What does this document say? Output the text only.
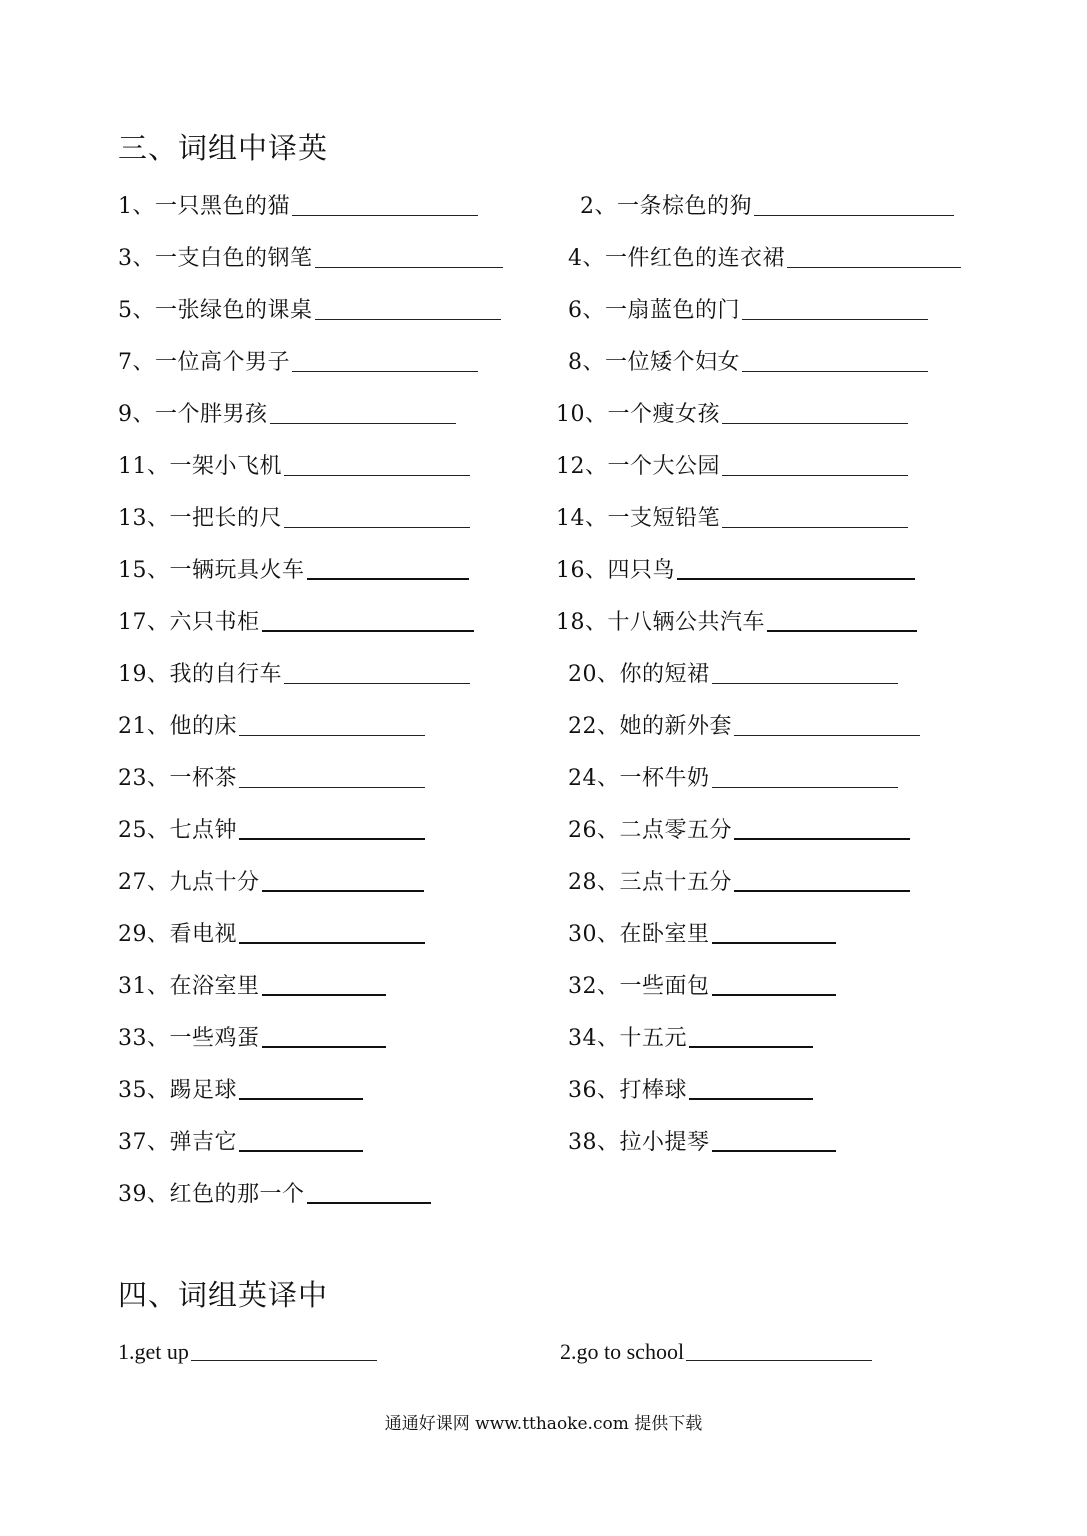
三、词组中译英
1、一只黑色的猫	2、一条棕色的狗
3、一支白色的钢笔	4、一件红色的连衣裙
5、一张绿色的课桌	6、一扇蓝色的门
7、一位高个男子	8、一位矮个妇女
9、一个胖男孩	10、一个瘦女孩
11、一架小飞机	12、一个大公园
13、一把长的尺	14、一支短铅笔
15、一辆玩具火车	16、四只鸟
17、六只书柜	18、十八辆公共汽车
19、我的自行车	20、你的短裙
21、他的床	22、她的新外套
23、一杯茶	24、一杯牛奶
25、七点钟	26、二点零五分
27、九点十分	28、三点十五分
29、看电视	30、在卧室里
31、在浴室里	32、一些面包
33、一些鸡蛋	34、十五元
35、踢足球	36、打棒球
37、弹吉它	38、拉小提琴
39、红色的那一个
四、词组英译中
1.get up	2.go to school
通通好课网 www.tthaoke.com 提供下载
